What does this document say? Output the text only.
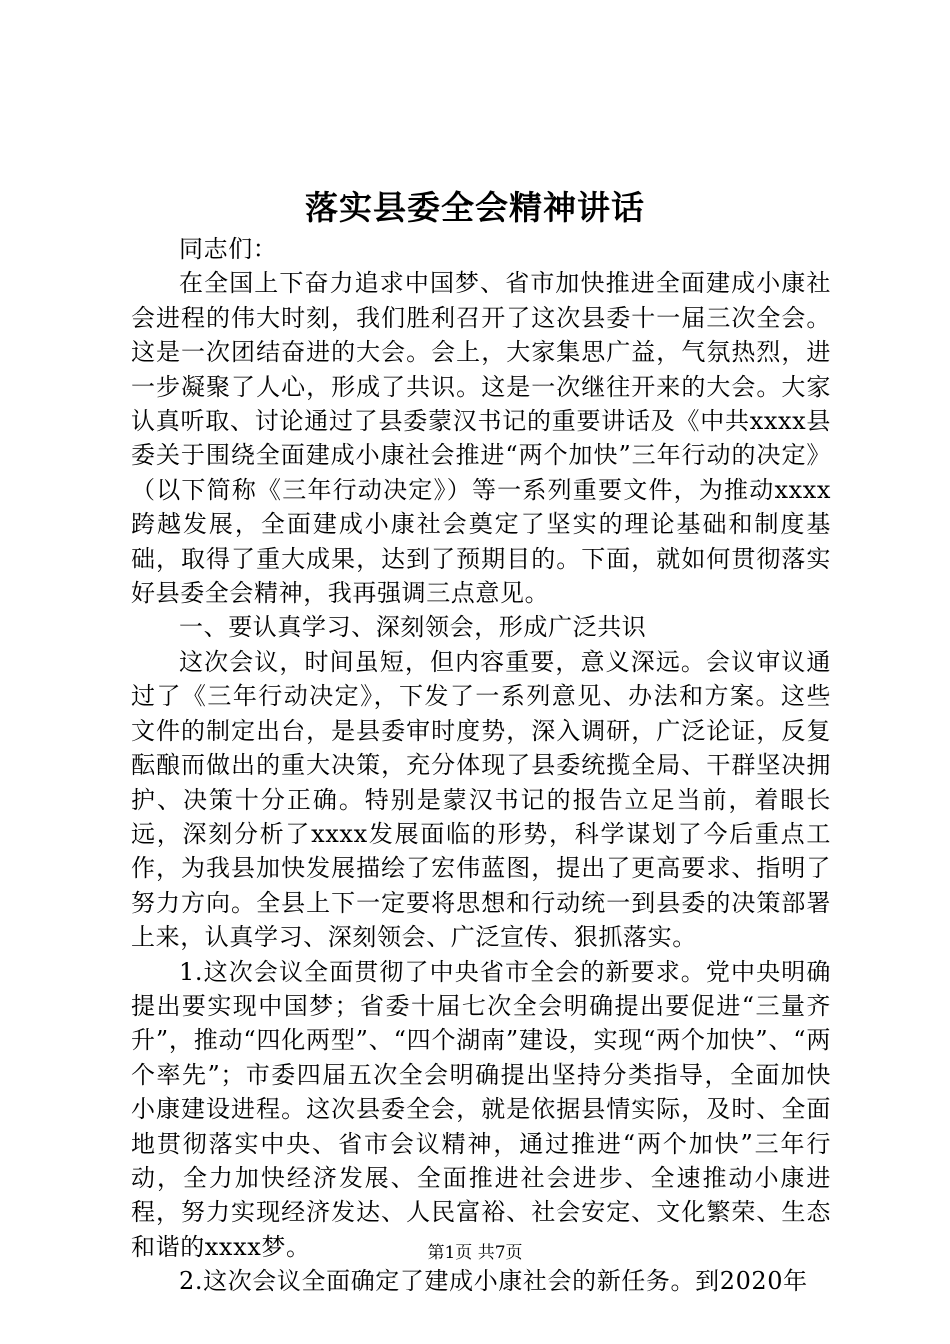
落实县委全会精神讲话

同志们：

在全国上下奋力追求中国梦、省市加快推进全面建成小康社会进程的伟大时刻，我们胜利召开了这次县委十一届三次全会。这是一次团结奋进的大会。会上，大家集思广益，气氛热烈，进一步凝聚了人心，形成了共识。这是一次继往开来的大会。大家认真听取、讨论通过了县委蒙汉书记的重要讲话及《中共xxxx县委关于围绕全面建成小康社会推进“两个加快”三年行动的决定》（以下简称《三年行动决定》）等一系列重要文件，为推动xxxx跨越发展，全面建成小康社会奠定了坚实的理论基础和制度基础，取得了重大成果，达到了预期目的。下面，就如何贯彻落实好县委全会精神，我再强调三点意见。

一、要认真学习、深刻领会，形成广泛共识

这次会议，时间虽短，但内容重要，意义深远。会议审议通过了《三年行动决定》，下发了一系列意见、办法和方案。这些文件的制定出台，是县委审时度势，深入调研，广泛论证，反复酝酿而做出的重大决策，充分体现了县委统揽全局、干群坚决拥护、决策十分正确。特别是蒙汉书记的报告立足当前，着眼长远，深刻分析了xxxx发展面临的形势，科学谋划了今后重点工作，为我县加快发展描绘了宏伟蓝图，提出了更高要求、指明了努力方向。全县上下一定要将思想和行动统一到县委的决策部署上来，认真学习、深刻领会、广泛宣传、狠抓落实。

1.这次会议全面贯彻了中央省市全会的新要求。党中央明确提出要实现中国梦；省委十届七次全会明确提出要促进“三量齐升”，推动“四化两型”、“四个湖南”建设，实现“两个加快”、“两个率先”；市委四届五次全会明确提出坚持分类指导，全面加快小康建设进程。这次县委全会，就是依据县情实际，及时、全面地贯彻落实中央、省市会议精神，通过推进“两个加快”三年行动，全力加快经济发展、全面推进社会进步、全速推动小康进程，努力实现经济发达、人民富裕、社会安定、文化繁荣、生态和谐的xxxx梦。

2.这次会议全面确定了建成小康社会的新任务。到2020年

第1页 共7页
